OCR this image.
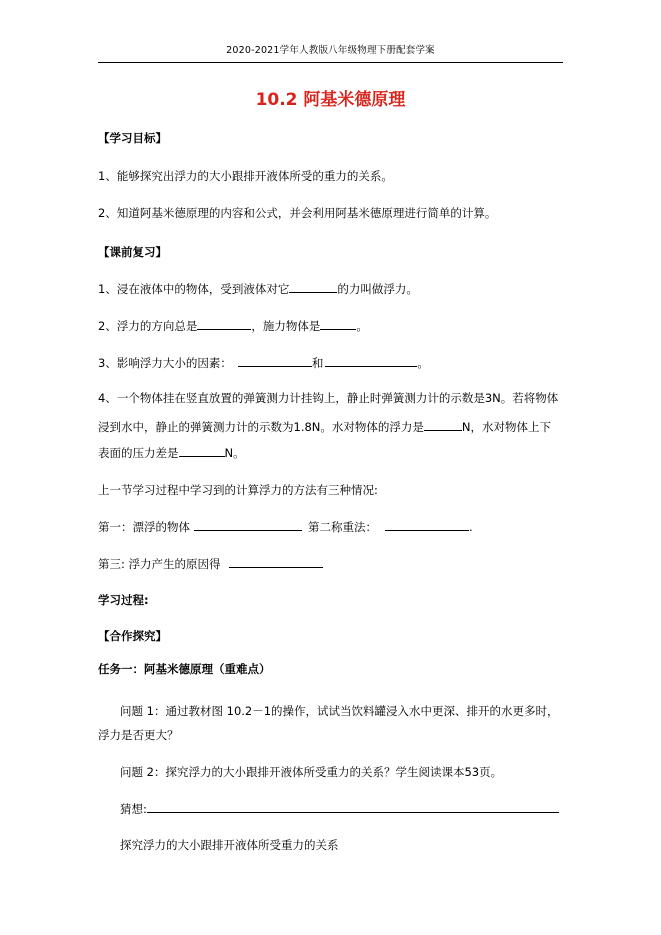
2020-2021学年人教版八年级物理下册配套学案
10.2 阿基米德原理
【学习目标】
1、能够探究出浮力的大小跟排开液体所受的重力的关系。
2、知道阿基米德原理的内容和公式，并会利用阿基米德原理进行简单的计算。
【课前复习】
1、浸在液体中的物体，受到液体对它	的力叫做浮力。
2、浮力的方向总是	，施力物体是	。
3、影响浮力大小的因素：	和	。
4、一个物体挂在竖直放置的弹簧测力计挂钩上，静止时弹簧测力计的示数是3N。若将物体
浸到水中，静止的弹簧测力计的示数为1.8N。水对物体的浮力是	N，水对物体上下
表面的压力差是	N。
上一节学习过程中学习到的计算浮力的方法有三种情况:
第一：漂浮的物体	第二称重法：	.
第三: 浮力产生的原因得
学习过程:
【合作探究】
任务一：阿基米德原理（重难点）
问题 1：通过教材图 10.2－1的操作，试试当饮料罐浸入水中更深、排开的水更多时，
浮力是否更大？
问题 2：探究浮力的大小跟排开液体所受重力的关系？学生阅读课本53页。
猜想:
探究浮力的大小跟排开液体所受重力的关系
